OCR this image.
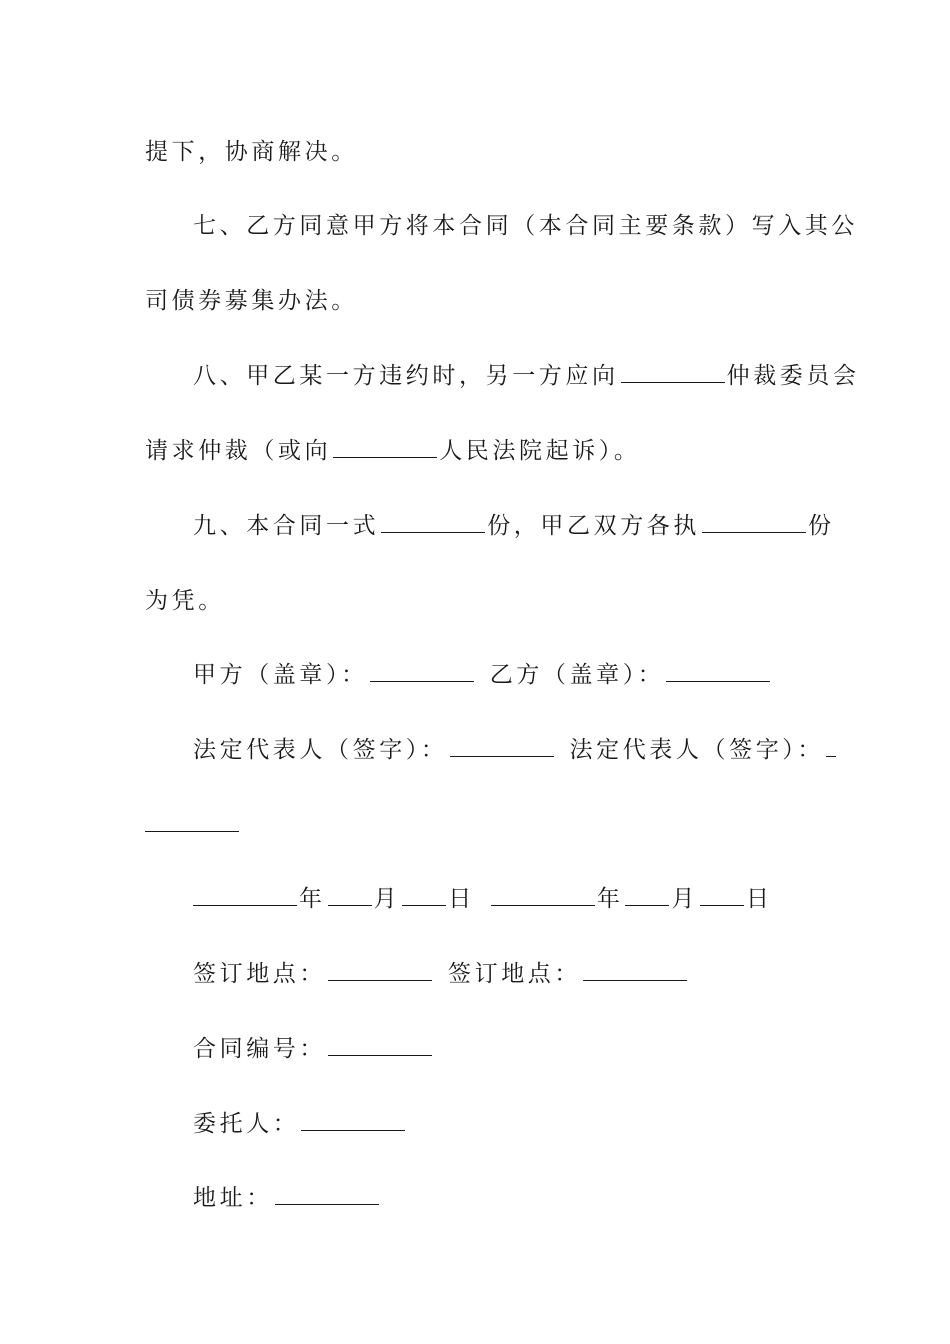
提下，协商解决。
七、乙方同意甲方将本合同（本合同主要条款）写入其公
司债券募集办法。
八、甲乙某一方违约时，另一方应向	仲裁委员会
请求仲裁（或向	人民法院起诉）。
九、本合同一式	份，甲乙双方各执	份
为凭。
甲方（盖章）：	乙方（盖章）：
法定代表人（签字）：	法定代表人（签字）：
年 月 日	年 月 日
签订地点：	签订地点：
合同编号：
委托人：
地址：
